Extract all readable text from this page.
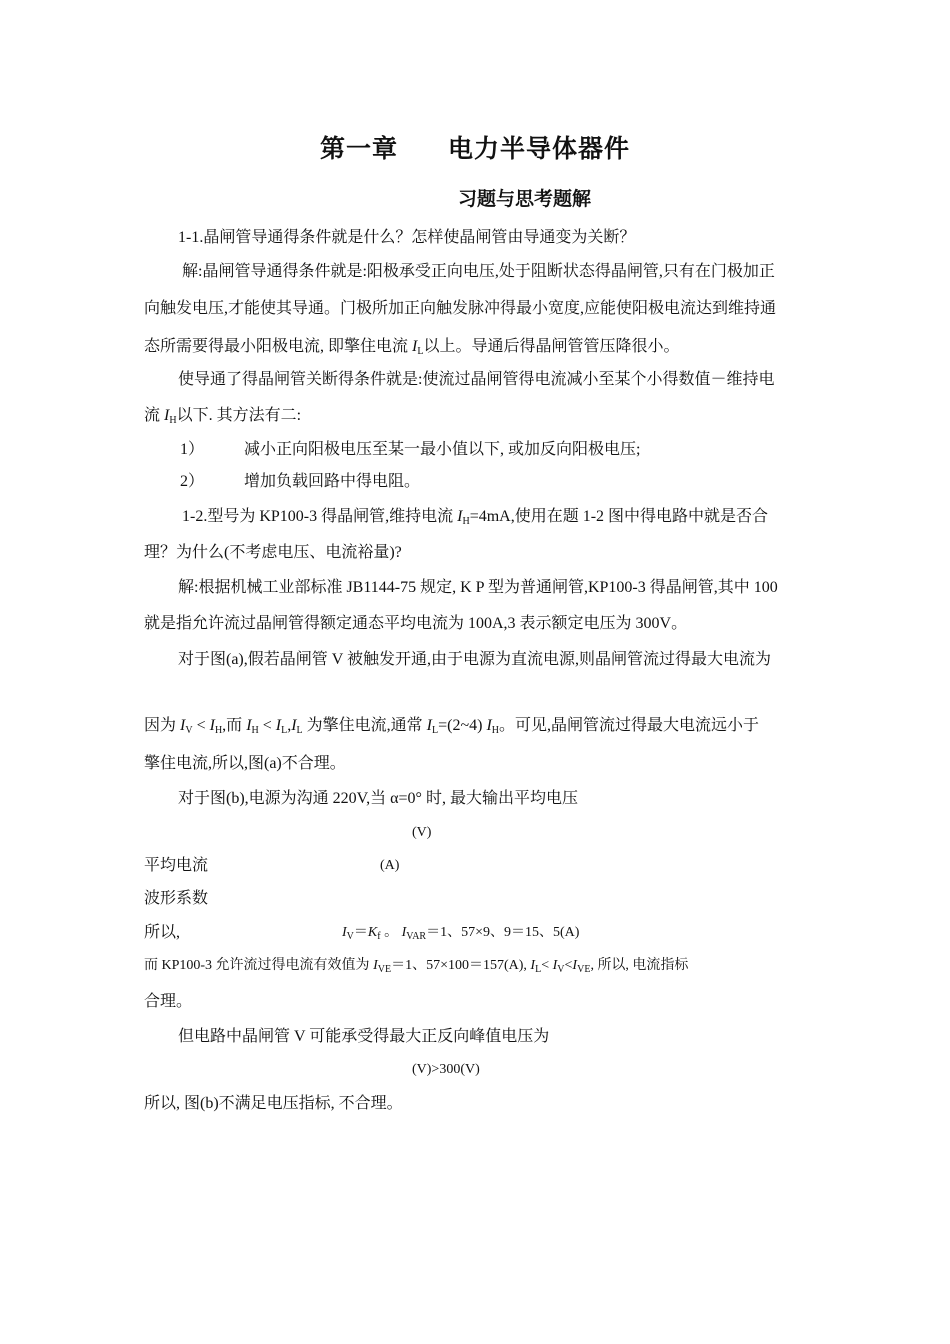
第一章 电力半导体器件
习题与思考题解
1-1.晶闸管导通得条件就是什么？怎样使晶闸管由导通变为关断？
解:晶闸管导通得条件就是:阳极承受正向电压,处于阻断状态得晶闸管,只有在门极加正
向触发电压,才能使其导通。门极所加正向触发脉冲得最小宽度,应能使阳极电流达到维持通
态所需要得最小阳极电流, 即擎住电流 $I_L$以上。导通后得晶闸管管压降很小。
使导通了得晶闸管关断得条件就是:使流过晶闸管得电流减小至某个小得数值－维持电
流 $I_H$以下. 其方法有二:
1） 减小正向阳极电压至某一最小值以下, 或加反向阳极电压;
2） 增加负载回路中得电阻。
1-2.型号为 KP100-3 得晶闸管,维持电流 $I_H=4mA$,使用在题 1-2 图中得电路中就是否合
理？为什么(不考虑电压、电流裕量)?
解:根据机械工业部标准 JB1144-75 规定, K P 型为普通闸管,KP100-3 得晶闸管,其中 100
就是指允许流过晶闸管得额定通态平均电流为 100A,3 表示额定电压为 300V。
对于图(a),假若晶闸管 V 被触发开通,由于电源为直流电源,则晶闸管流过得最大电流为
因为 $I_V < I_H$,而 $I_H < I_L,I_L$ 为擎住电流,通常 $I_L=(2\sim 4)$ $I_H$。可见,晶闸管流过得最大电流远小于
擎住电流,所以,图(a)不合理。
对于图(b),电源为沟通 220V,当 α=0° 时, 最大输出平均电压
(V)
平均电流	(A)
波形系数
所以,	$I_V=K_f$ 。 $I_{VAR}=1$、57×9、9＝15、5(A)
而 KP100-3 允许流过得电流有效值为 $I_{VE}=1$、57×100＝157(A), $I_L< I_V<I_{VE}$, 所以, 电流指标
合理。
但电路中晶闸管 V 可能承受得最大正反向峰值电压为
(V)>300(V)
所以, 图(b)不满足电压指标, 不合理。
